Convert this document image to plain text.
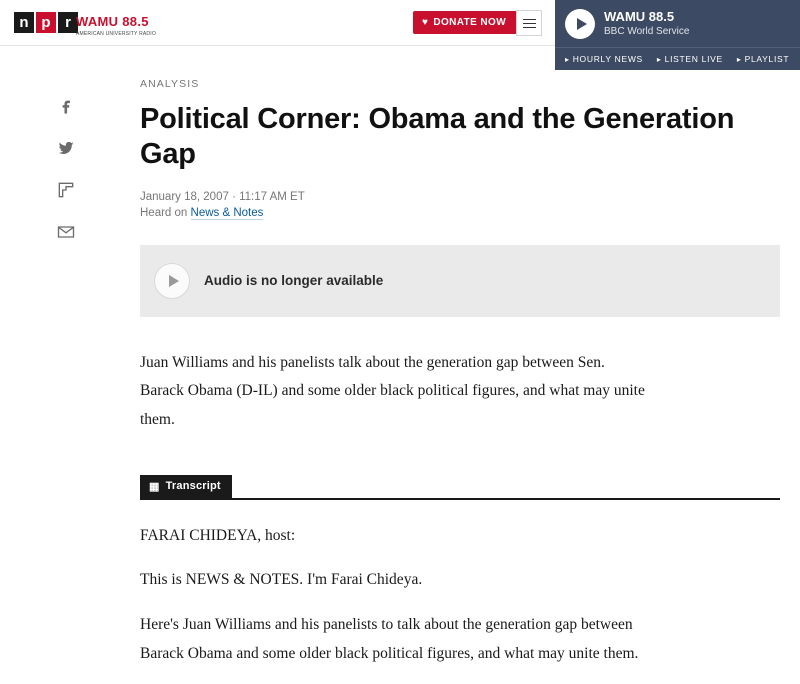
n p r WAMU 88.5
AMERICAN UNIVERSITY RADIO
♥ DONATE NOW	WAMU 88.5
BBC World Service
▸ HOURLY NEWS	▸ LISTEN LIVE	▸ PLAYLIST
ANALYSIS
Political Corner: Obama and the Generation Gap
January 18, 2007 · 11:17 AM ET
Heard on News & Notes
Audio is no longer available
Juan Williams and his panelists talk about the generation gap between Sen. Barack Obama (D-IL) and some older black political figures, and what may unite them.
▦ Transcript

FARAI CHIDEYA, host:

This is NEWS & NOTES. I'm Farai Chideya.

Here's Juan Williams and his panelists to talk about the generation gap between Barack Obama and some older black political figures, and what may unite them.
